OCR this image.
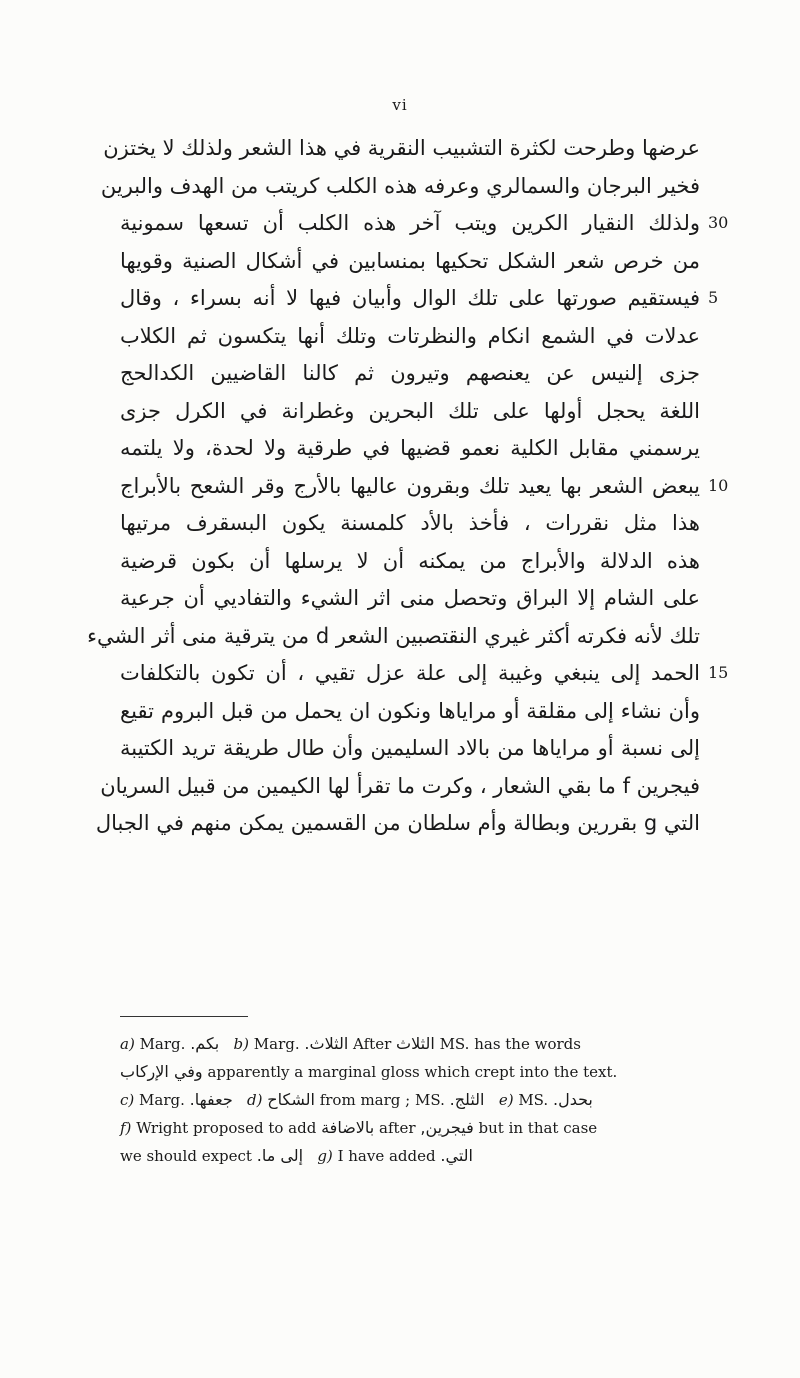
vi
عرضها وطرحت لكثرة التشبيب النقرية في هذا الشعر ولذلك لا يختزن
فخير البرجان والسمالري وعرفه هذه الكلب كريتب من الهدف والبرين
ولذلك النقيار الكرين ويتب آخر هذه الكلب أن تسعها سمونية
من خرص شعر الشكل تحكيها بمنسابين في أشكال الصنية وقويها
فيستقيم صورتها على تلك الوال وأبيان فيها لا أنه بسراء ، وقال
عدلات في الشمع انكام والنظرتات وتلك أنها يتكسون ثم الكلاب
جزى إلنيس عن يعنصهم وتيرون ثم كالنا القاضيين الكدالحج
اللغة يحجل أولها على تلك البحرين وغطرانة في الكرل جزى
يرسمني مقابل الكلية نعمو قضيها في طرقية ولا لحدة، ولا يلتمه
يبعض الشعر بها يعيد تلك وبقرون عاليها بالأرج وقر الشعح بالأبراج
هذا مثل نقررات ، فأخذ بالأد كلمسنة يكون البسقرف مرتيها
هذه الدلالة والأبراج من يمكنه أن لا يرسلها أن بكون قرضية
على الشام إلا البراق وتحصل منى اثر الشيء والتفاديي أن جرعية
تلك لأنه فكرته أكثر غيري النقتصبين الشعر d من يترقية منى أثر الشيء
الحمد إلى ينبغي وغيبة إلى علة عزل تقيي ، أن تكون بالتكلفات
وأن نشاء إلى مقلقة أو مراياها ونكون ان يحمل من قبل البروم تقيع
إلى نسبة أو مراياها من بالاد السليمين وأن طال طريقة تريد الكتيبة
فيجرين f ما بقي الشعار ، وكرت ما تقرأ لها الكيمين من قبيل السريان
التي g بقررين وبطالة وأم سلطان من القسمين يمكن منهم في الجبال
a) Marg. بكم. b) Marg. الثلاث. After الثلاث MS. has the words
وفي الإركاب apparently a marginal gloss which crept into the text.
c) Marg. جعفها. d) الشكاح from marg ; MS. الثلج. e) MS. بحدل.
f) Wright proposed to add بالاضافة after فيجرين, but in that case
we should expect إلى ما. g) I have added التي.
30
5
10
15
